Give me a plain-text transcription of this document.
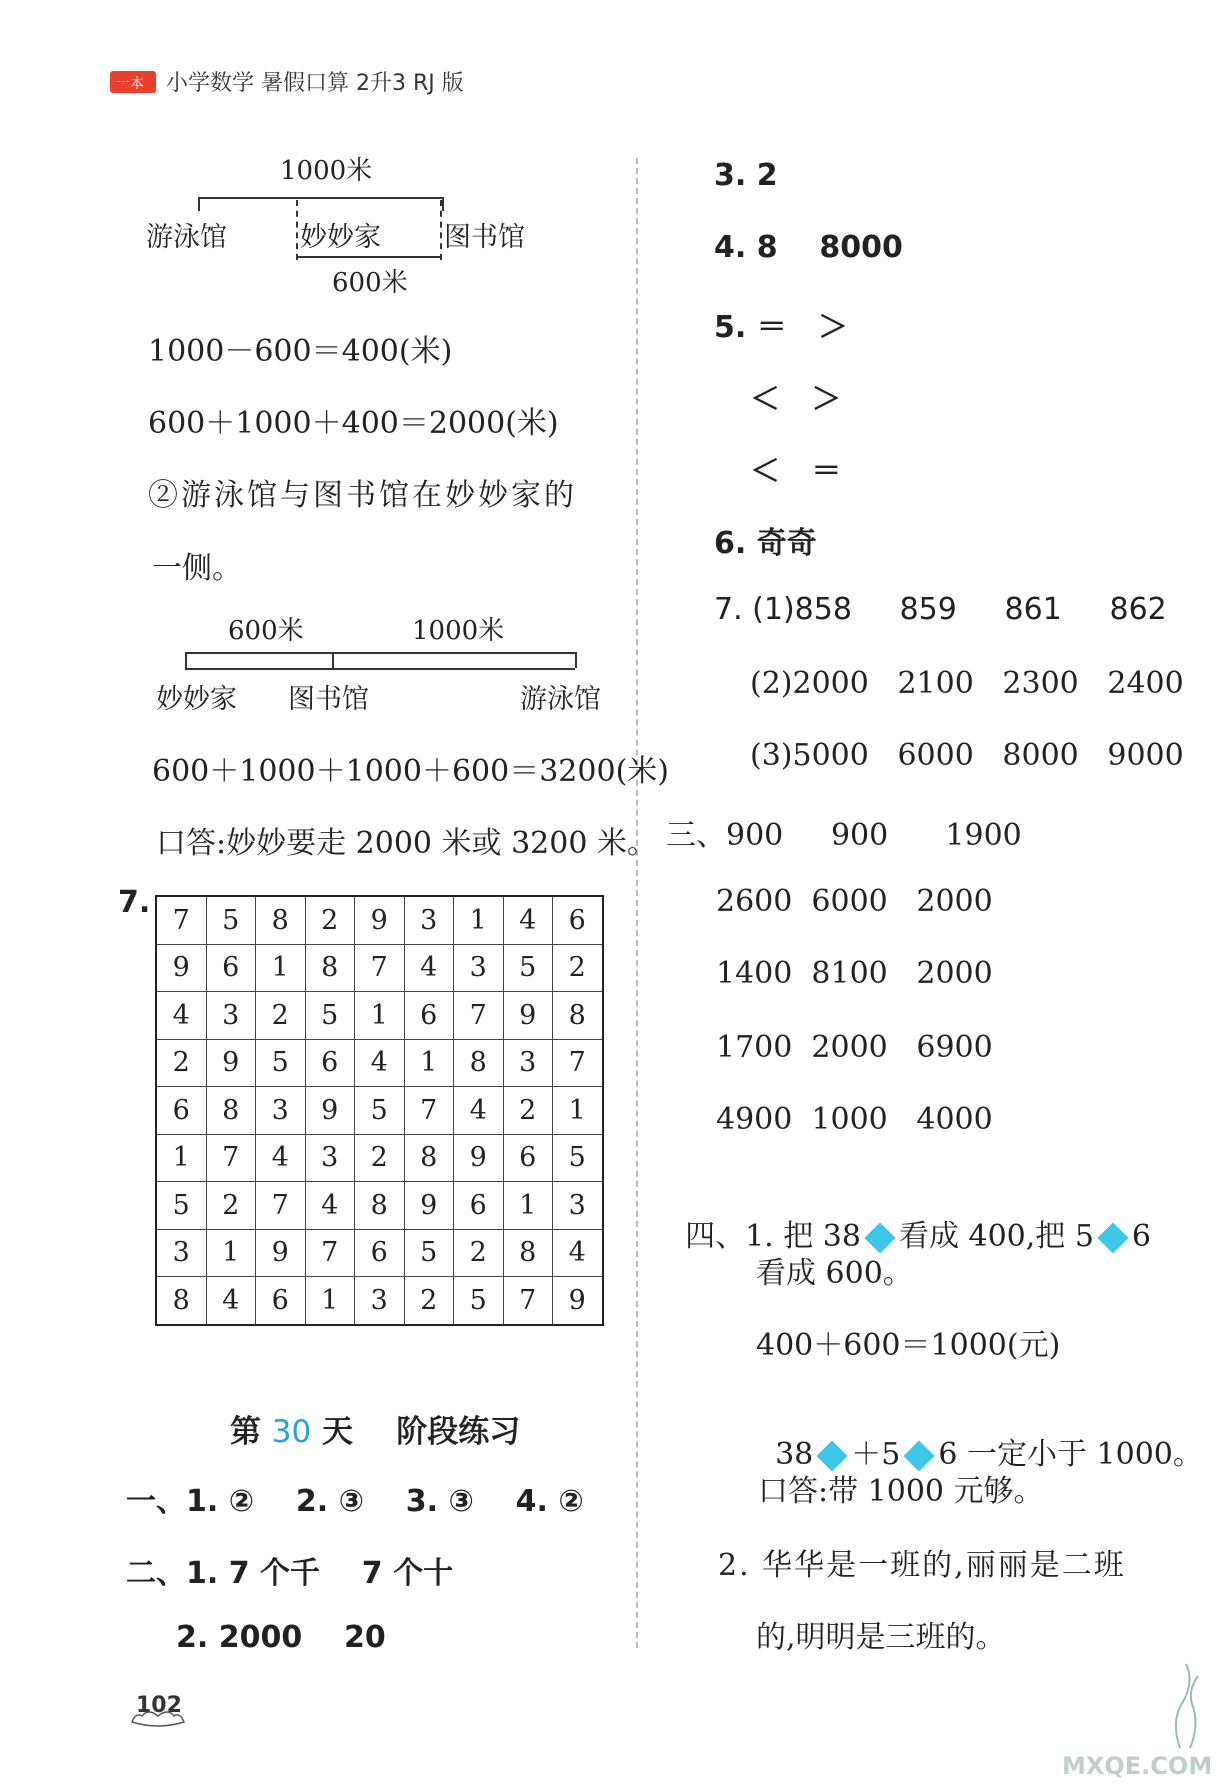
一本 小学数学 暑假口算 2升3 RJ 版
1000米
游泳馆	妙妙家 图书馆
600米
1000－600＝400(米)
600＋1000＋400＝2000(米)
②游泳馆与图书馆在妙妙家的
一侧。
600米	1000米
妙妙家 图书馆	游泳馆
600＋1000＋1000＋600＝3200(米)
口答:妙妙要走 2000 米或 3200 米。
7.
7	5	8	2	9	3	1	4	6
9	6	1	8	7	4	3	5	2
4	3	2	5	1	6	7	9	8
2	9	5	6	4	1	8	3	7
6	8	3	9	5	7	4	2	1
1	7	4	3	2	8	9	6	5
5	2	7	4	8	9	6	1	3
3	1	9	7	6	5	2	8	4
8	4	6	1	3	2	5	7	9
第 30 天    阶段练习
一、1. ②    2. ③    3. ③    4. ②
二、1. 7 个千    7 个十
2. 2000    20
102
3. 2
4. 8    8000
5. ＝   ＞
＜   ＞
＜   ＝
6. 奇奇
7. (1)858     859     861     862
(2)2000   2100   2300   2400
(3)5000   6000   8000   9000
三、900     900      1900
2600  6000   2000
1400  8100   2000
1700  2000   6900
4900  1000   4000

四、1. 把 38 看成 400,把 5 6

看成 600。
400＋600＝1000(元)

38 ＋5 6 一定小于 1000。

口答:带 1000 元够。
2. 华华是一班的,丽丽是二班
的,明明是三班的。
MXQE.COM
